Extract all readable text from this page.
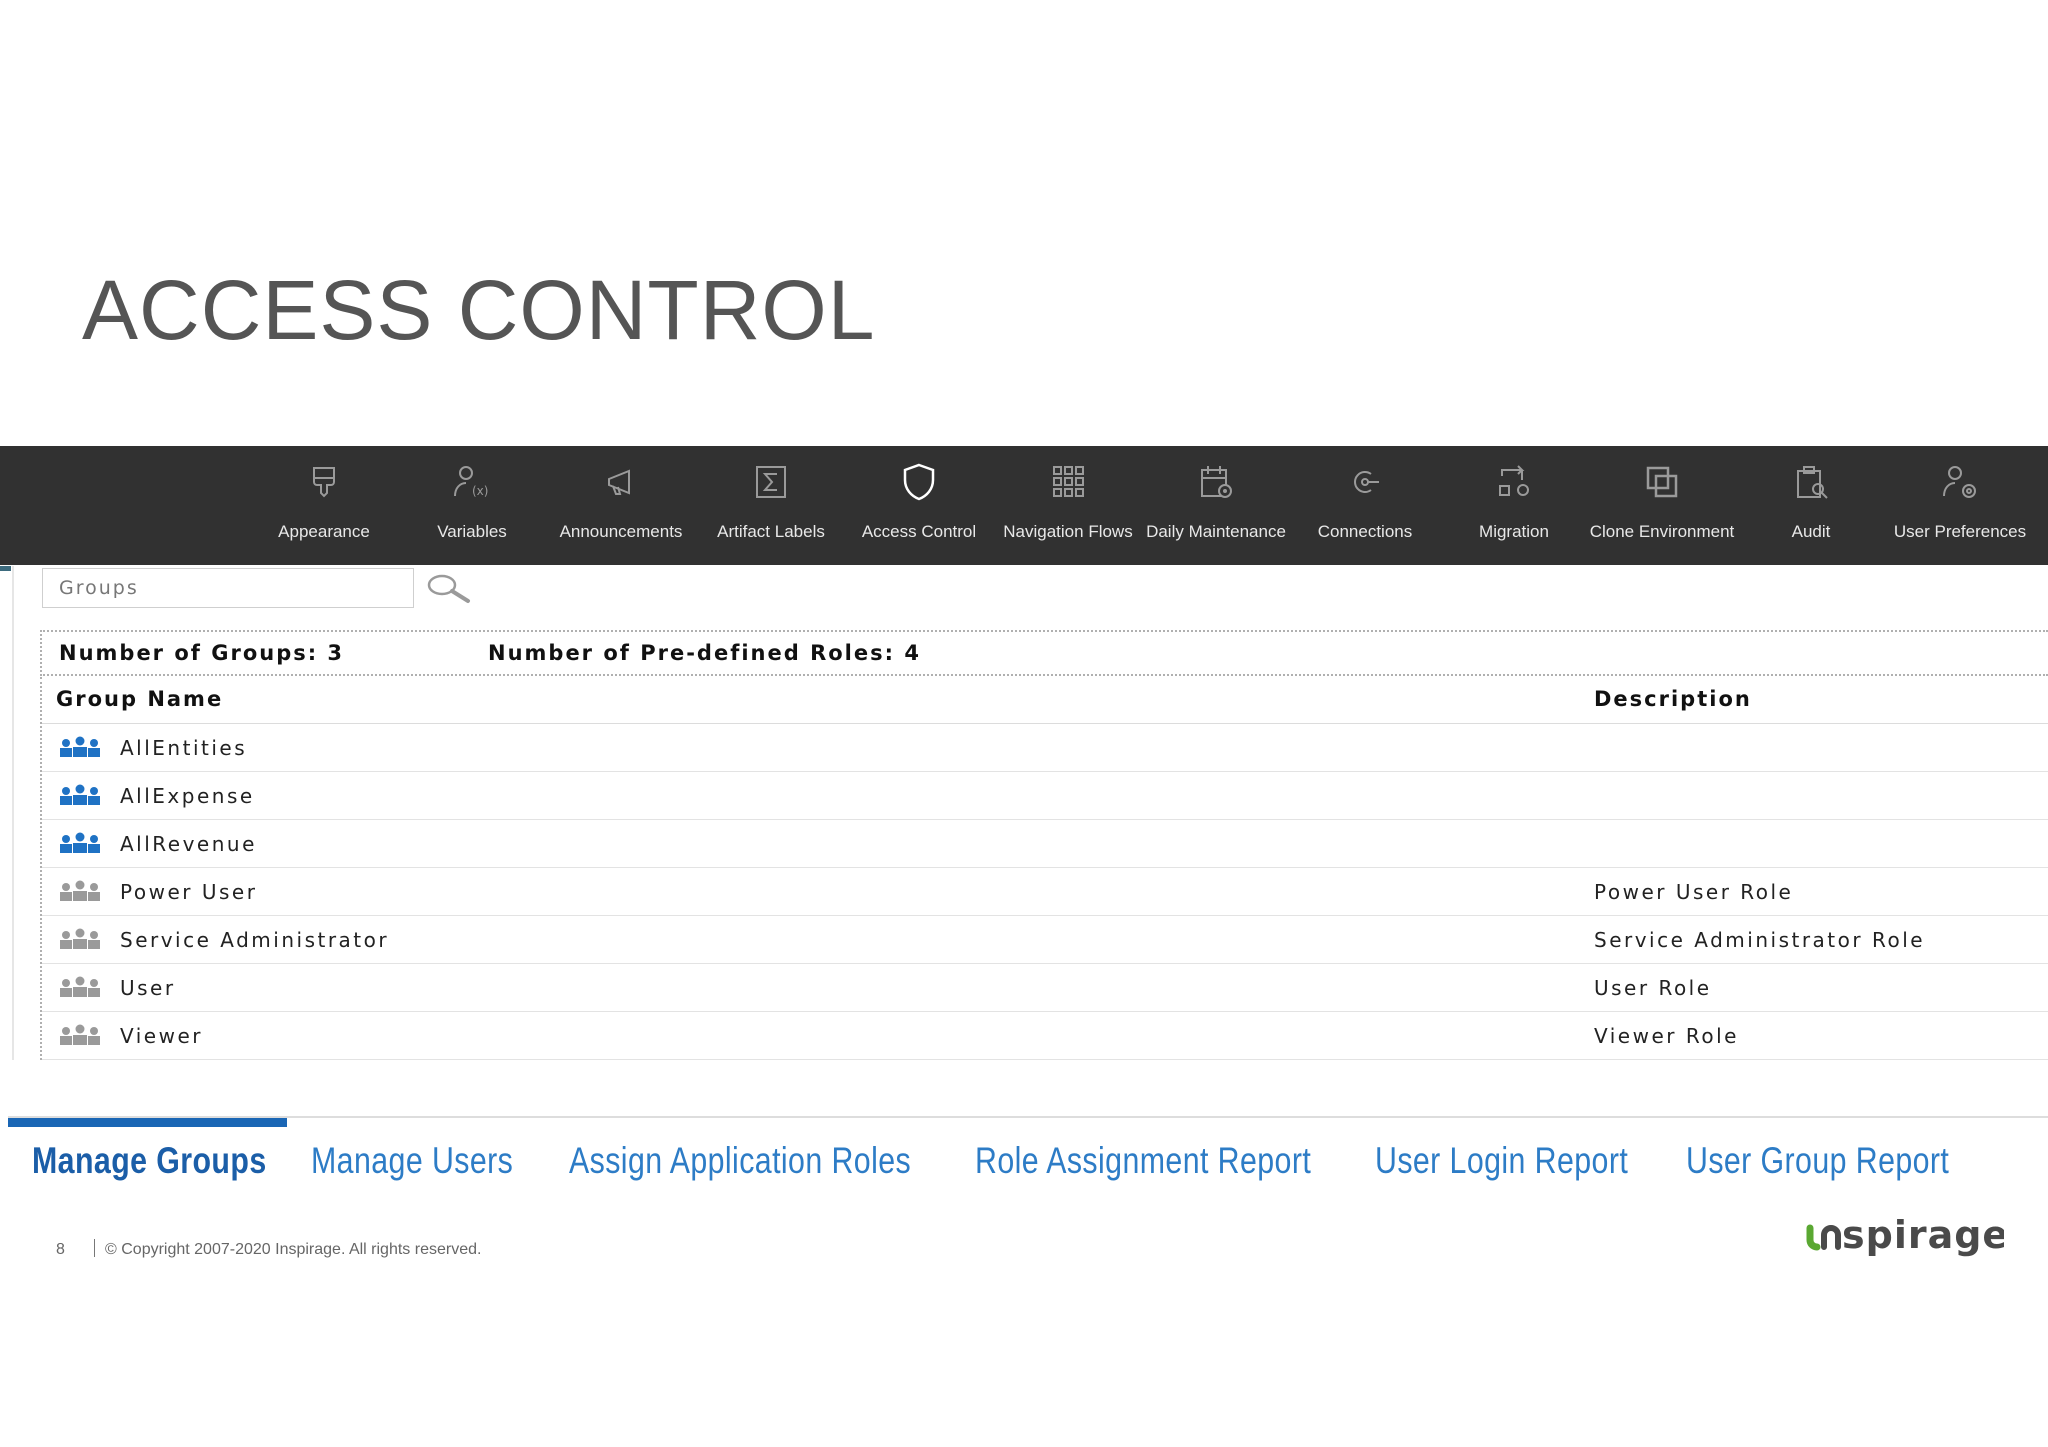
ACCESS CONTROL
Appearance
(x)
Variables	Announcements	Artifact Labels	Access Control	Navigation Flows Daily Maintenance	Connections	Migration	Clone Environment	Audit	User Preferences
Groups
Number of Groups: 3	Number of Pre-defined Roles: 4
Group Name	Description
AllEntities
AllExpense
AllRevenue
Power User	Power User Role
Service Administrator	Service Administrator Role
User	User Role
Viewer	Viewer Role
Manage Groups Manage Users Assign Application Roles Role Assignment Report User Login Report User Group Report
8	© Copyright 2007-2020 Inspirage. All rights reserved.	spirage
